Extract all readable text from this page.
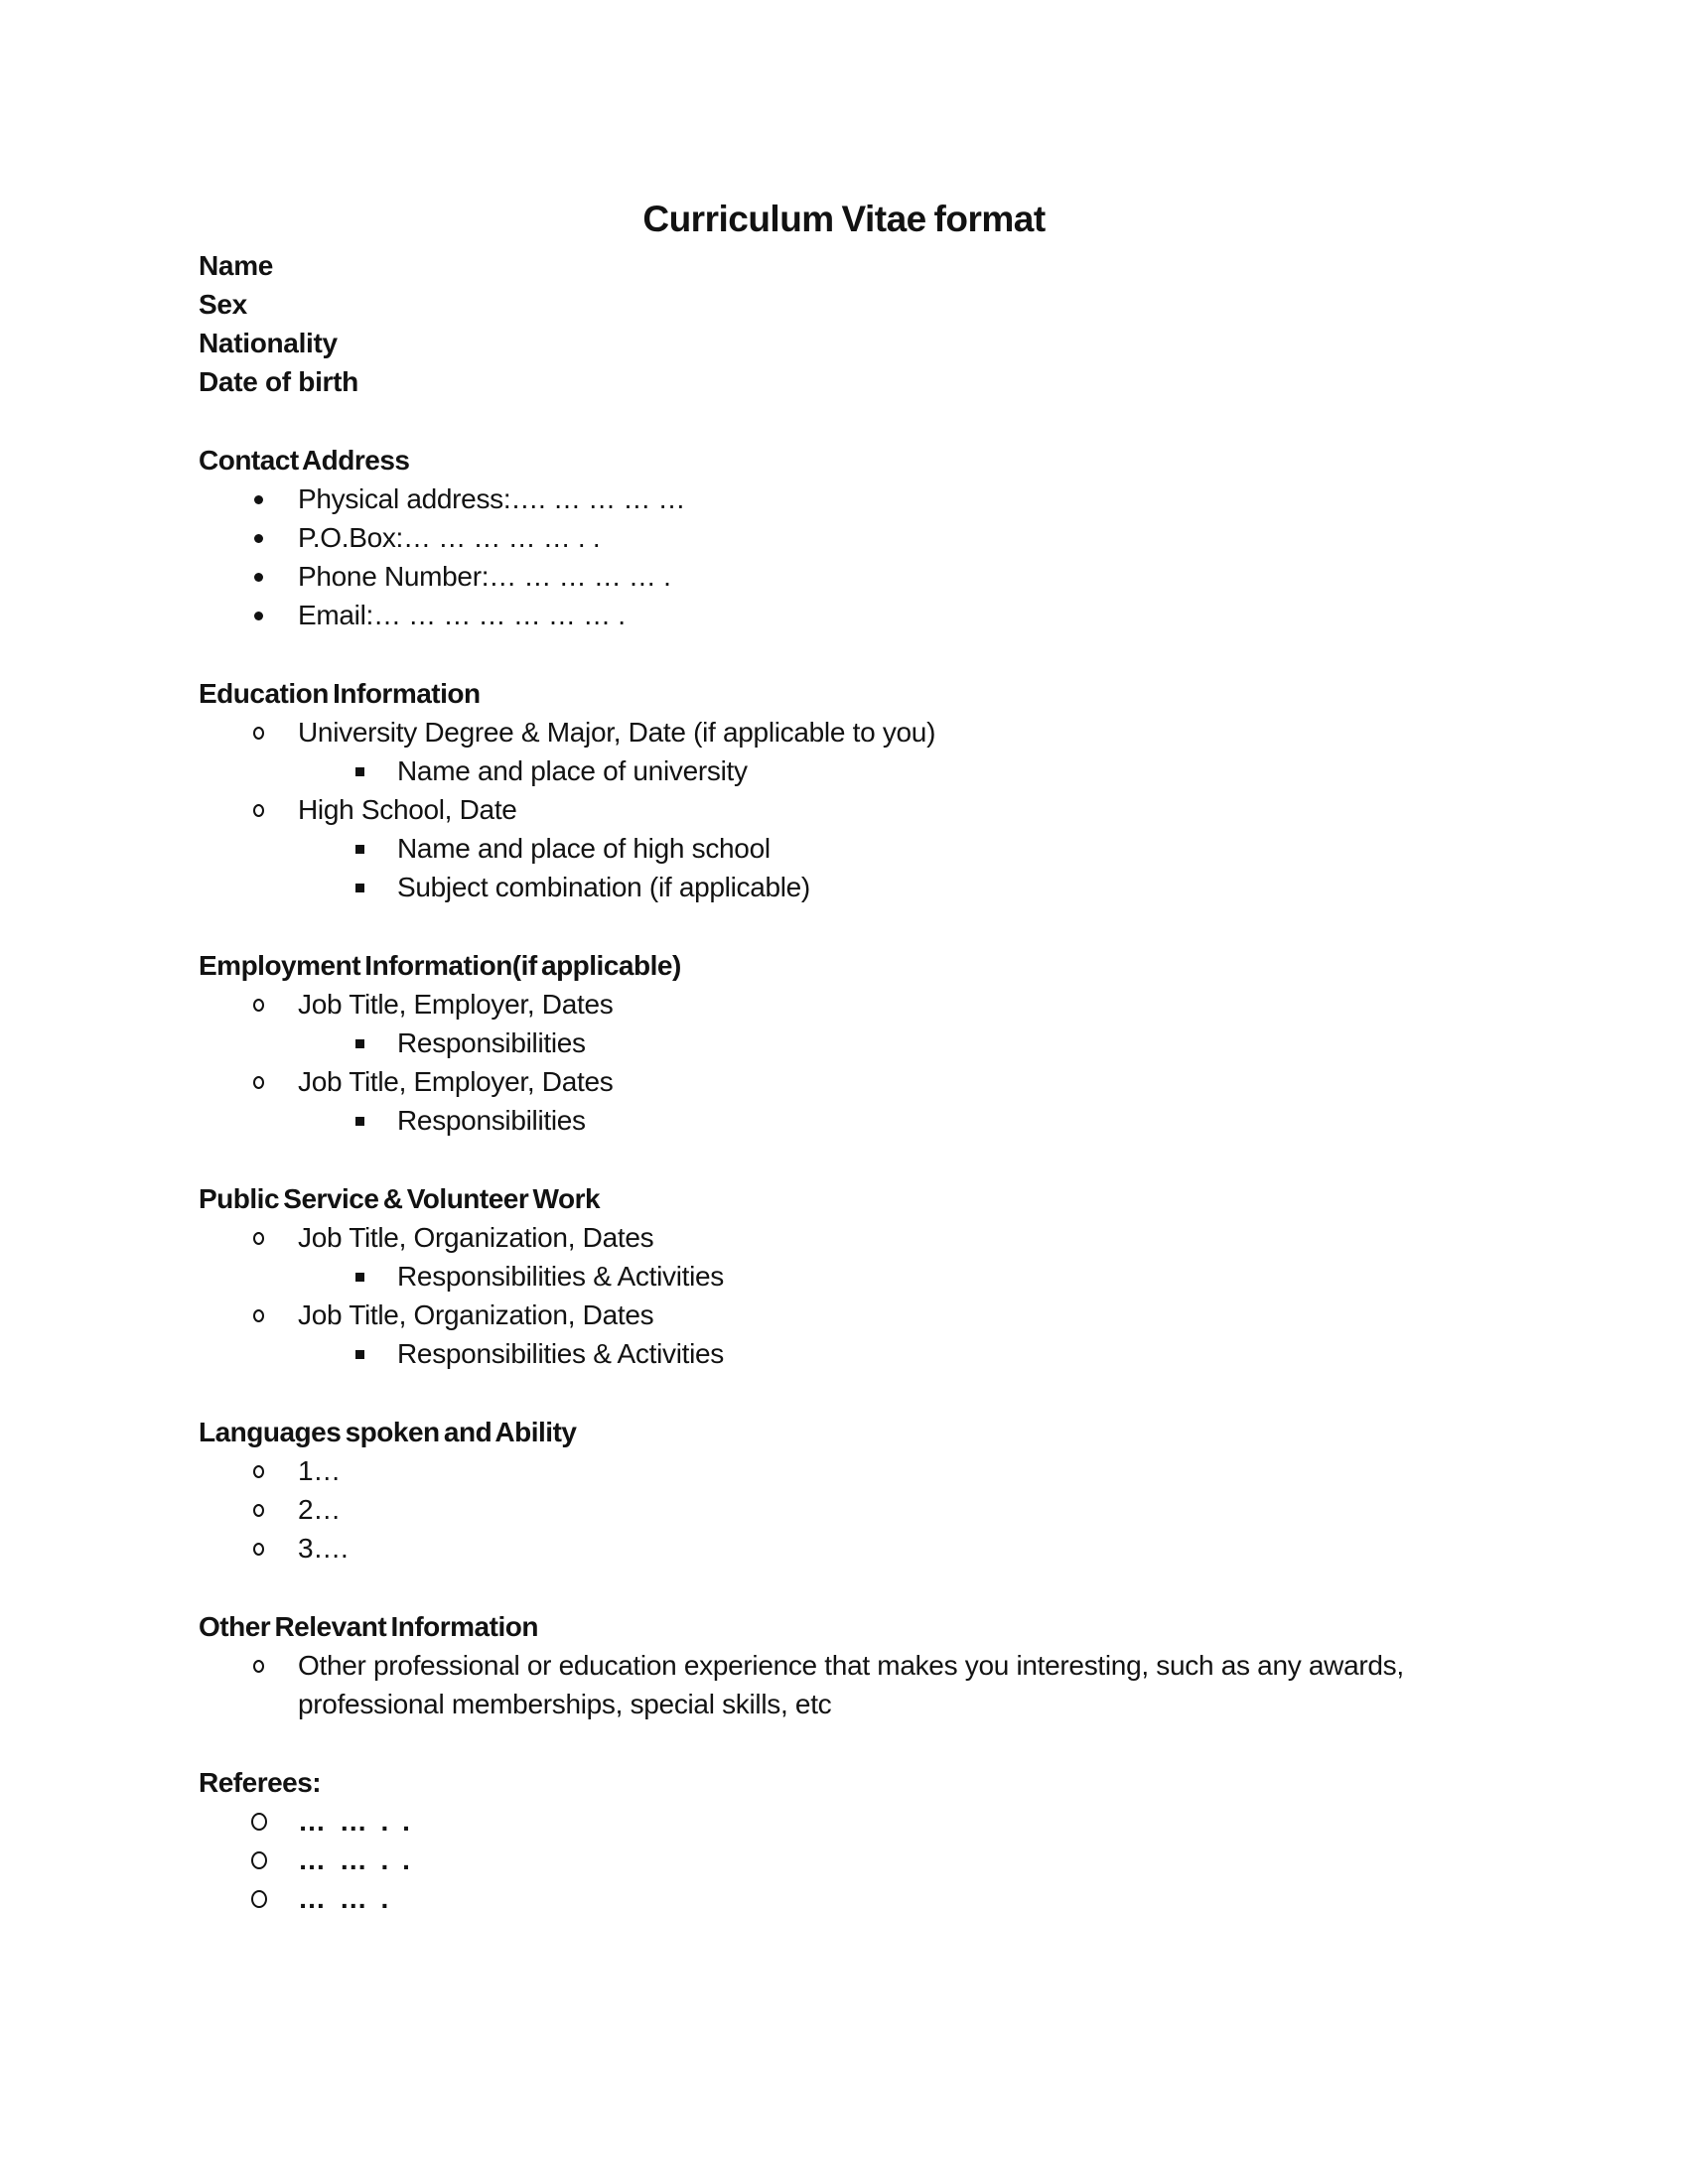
Curriculum Vitae format
Name
Sex
Nationality
Date of birth
Contact Address
Physical address:…. … … … …
P.O.Box:… … … … … . .
Phone Number:… … … … … .
Email:… … … … … … … .
Education Information
University Degree & Major, Date (if applicable to you)
Name and place of university
High School, Date
Name and place of high school
Subject combination (if applicable)
Employment Information(if applicable)
Job Title, Employer, Dates
Responsibilities
Job Title, Employer, Dates
Responsibilities
Public Service & Volunteer Work
Job Title, Organization, Dates
Responsibilities & Activities
Job Title, Organization, Dates
Responsibilities & Activities
Languages spoken and Ability
1…
2…
3….
Other Relevant Information
Other professional or education experience that makes you interesting, such as any awards, professional memberships, special skills, etc
Referees:
… … . .
… … . .
… … .
